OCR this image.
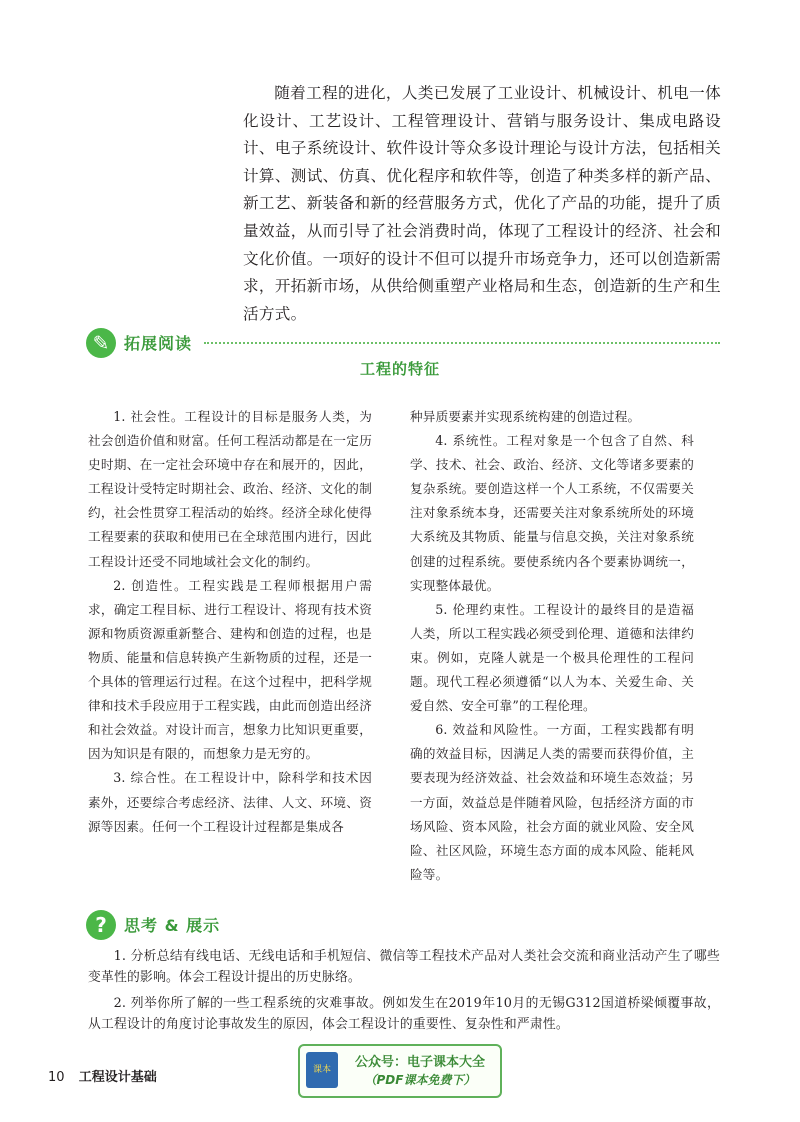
随着工程的进化，人类已发展了工业设计、机械设计、机电一体化设计、工艺设计、工程管理设计、营销与服务设计、集成电路设计、电子系统设计、软件设计等众多设计理论与设计方法，包括相关计算、测试、仿真、优化程序和软件等，创造了种类多样的新产品、新工艺、新装备和新的经营服务方式，优化了产品的功能，提升了质量效益，从而引导了社会消费时尚，体现了工程设计的经济、社会和文化价值。一项好的设计不但可以提升市场竞争力，还可以创造新需求，开拓新市场，从供给侧重塑产业格局和生态，创造新的生产和生活方式。

✎ 拓展阅读
工程的特征

1. 社会性。工程设计的目标是服务人类，为社会创造价值和财富。任何工程活动都是在一定历史时期、在一定社会环境中存在和展开的，因此，工程设计受特定时期社会、政治、经济、文化的制约，社会性贯穿工程活动的始终。经济全球化使得工程要素的获取和使用已在全球范围内进行，因此工程设计还受不同地域社会文化的制约。

2. 创造性。工程实践是工程师根据用户需求，确定工程目标、进行工程设计、将现有技术资源和物质资源重新整合、建构和创造的过程，也是物质、能量和信息转换产生新物质的过程，还是一个具体的管理运行过程。在这个过程中，把科学规律和技术手段应用于工程实践，由此而创造出经济和社会效益。对设计而言，想象力比知识更重要，因为知识是有限的，而想象力是无穷的。

3. 综合性。在工程设计中，除科学和技术因素外，还要综合考虑经济、法律、人文、环境、资源等因素。任何一个工程设计过程都是集成各

种异质要素并实现系统构建的创造过程。

4. 系统性。工程对象是一个包含了自然、科学、技术、社会、政治、经济、文化等诸多要素的复杂系统。要创造这样一个人工系统，不仅需要关注对象系统本身，还需要关注对象系统所处的环境大系统及其物质、能量与信息交换，关注对象系统创建的过程系统。要使系统内各个要素协调统一，实现整体最优。

5. 伦理约束性。工程设计的最终目的是造福人类，所以工程实践必须受到伦理、道德和法律约束。例如，克隆人就是一个极具伦理性的工程问题。现代工程必须遵循“以人为本、关爱生命、关爱自然、安全可靠”的工程伦理。

6. 效益和风险性。一方面，工程实践都有明确的效益目标，因满足人类的需要而获得价值，主要表现为经济效益、社会效益和环境生态效益；另一方面，效益总是伴随着风险，包括经济方面的市场风险、资本风险，社会方面的就业风险、安全风险、社区风险，环境生态方面的成本风险、能耗风险等。

?	思考 & 展示

1. 分析总结有线电话、无线电话和手机短信、微信等工程技术产品对人类社会交流和商业活动产生了哪些变革性的影响。体会工程设计提出的历史脉络。

2. 列举你所了解的一些工程系统的灾难事故。例如发生在2019年10月的无锡G312国道桥梁倾覆事故，从工程设计的角度讨论事故发生的原因，体会工程设计的重要性、复杂性和严肃性。

10 工程设计基础	课本	公众号：电子课本大全
（PDF课本免费下）
